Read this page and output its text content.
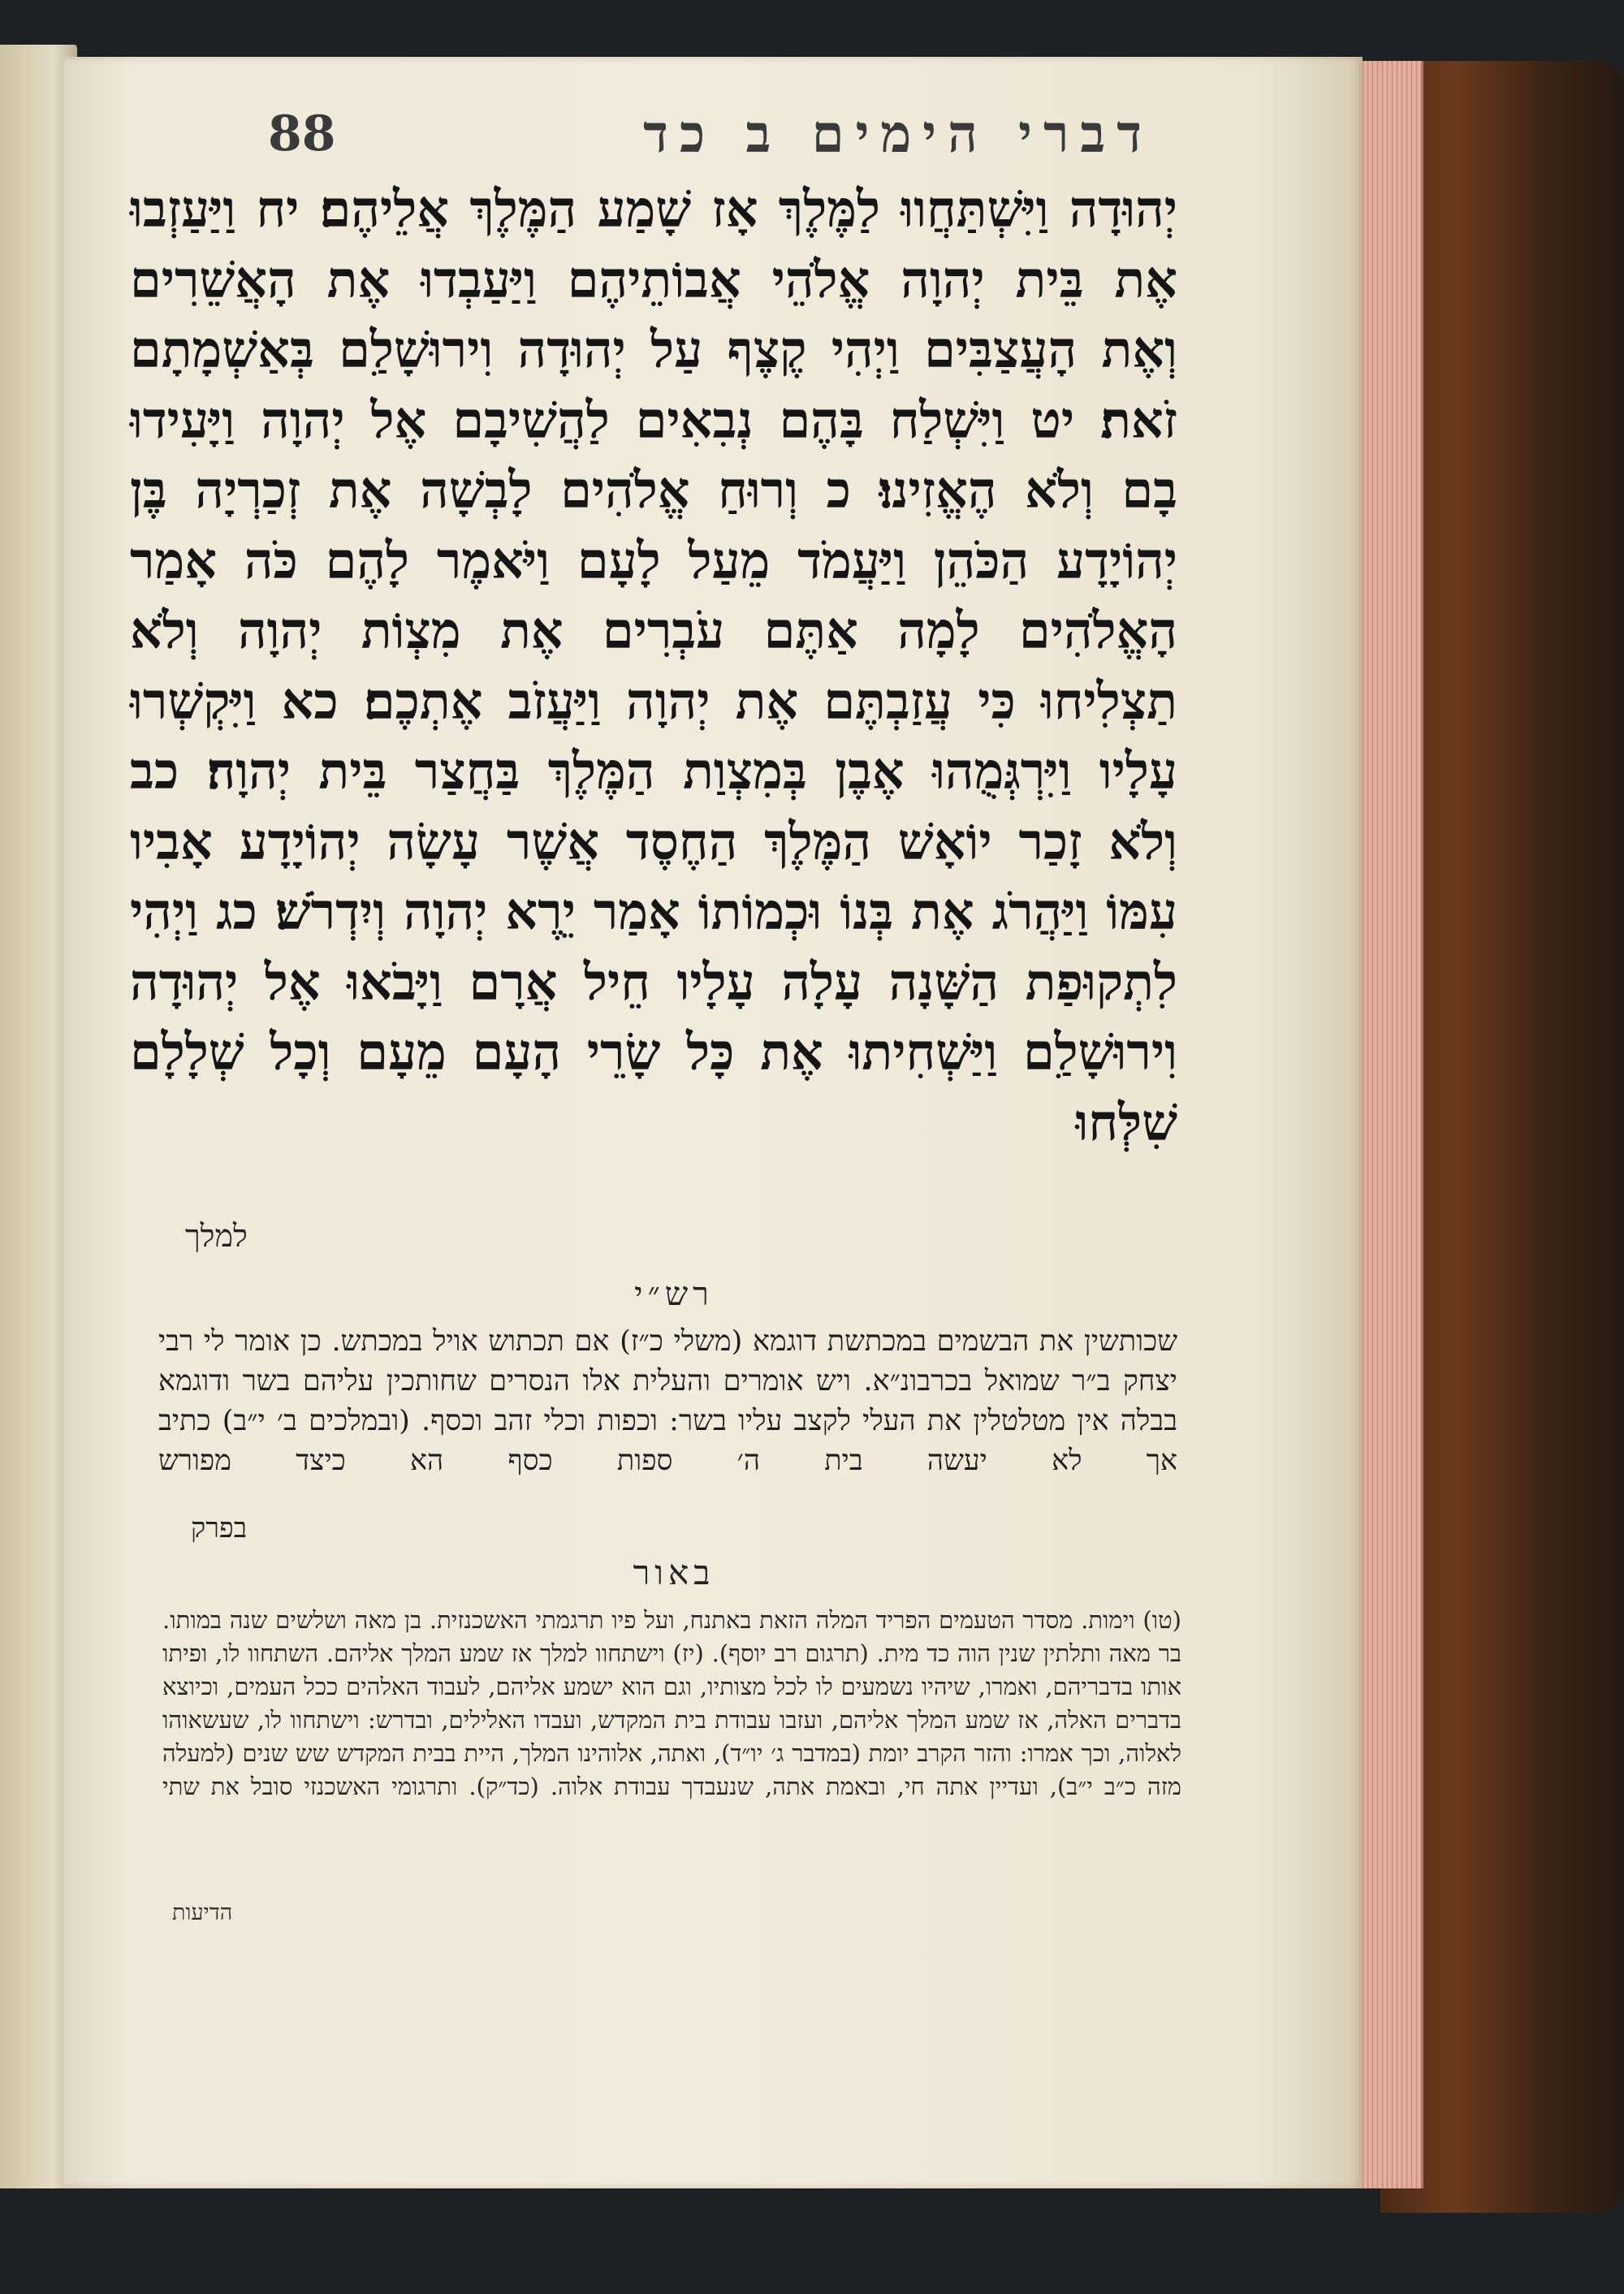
88	דברי הימים ב כד

יְהוּדָה וַיִּשְׁתַּחֲווּ לַמֶּלֶךְ אָז שָׁמַע הַמֶּלֶךְ אֲלֵיהֶם׃ יח וַיַּעַזְבוּ אֶת בֵּית יְהוָה אֱלֹהֵי אֲבוֹתֵיהֶם וַיַּעַבְדוּ אֶת הָאֲשֵׁרִים וְאֶת הָעֲצַבִּים וַיְהִי קֶצֶף עַל יְהוּדָה וִירוּשָׁלִַם בְּאַשְׁמָתָם זֹאת׃ יט וַיִּשְׁלַח בָּהֶם נְבִאִים לַהֲשִׁיבָם אֶל יְהוָה וַיָּעִידוּ בָם וְלֹא הֶאֱזִינוּ׃ כ וְרוּחַ אֱלֹהִים לָבְשָׁה אֶת זְכַרְיָה בֶּן יְהוֹיָדָע הַכֹּהֵן וַיַּעֲמֹד מֵעַל לָעָם וַיֹּאמֶר לָהֶם כֹּה אָמַר הָאֱלֹהִים לָמָה אַתֶּם עֹבְרִים אֶת מִצְוֹת יְהוָה וְלֹא תַצְלִיחוּ כִּי עֲזַבְתֶּם אֶת יְהוָה וַיַּעֲזֹב אֶתְכֶם׃ כא וַיִּקְשְׁרוּ עָלָיו וַיִּרְגְּמֻהוּ אֶבֶן בְּמִצְוַת הַמֶּלֶךְ בַּחֲצַר בֵּית יְהוָה׃ כב וְלֹא זָכַר יוֹאָשׁ הַמֶּלֶךְ הַחֶסֶד אֲשֶׁר עָשָׂה יְהוֹיָדָע אָבִיו עִמּוֹ וַיַּהֲרֹג אֶת בְּנוֹ וּכְמוֹתוֹ אָמַר יֵרֶא יְהוָה וְיִדְרֹשׁ׃ כג וַיְהִי לִתְקוּפַת הַשָּׁנָה עָלָה עָלָיו חֵיל אֲרָם וַיָּבֹאוּ אֶל יְהוּדָה וִירוּשָׁלִַם וַיַּשְׁחִיתוּ אֶת כָּל שָׂרֵי הָעָם מֵעָם וְכָל שְׁלָלָם שִׁלְּחוּ

למלך
רש״י

שכותשין את הבשמים במכתשת דוגמא (משלי כ״ז) אם תכתוש אויל במכתש. כן אומר לי רבי יצחק ב״ר שמואל בכרבונ״א. ויש אומרים והעלית אלו הנסרים שחותכין עליהם בשר ודוגמא בבלה אין מטלטלין את העלי לקצב עליו בשר: וכפות וכלי זהב וכסף. (ובמלכים ב׳ י״ב) כתיב אך לא יעשה בית ה׳ ספות כסף הא כיצד מפורש

בפרק
באור

(טו) וימות. מסדר הטעמים הפריד המלה הזאת באתנח, ועל פיו תרגמתי האשכנזית. בן מאה ושלשים שנה במותו. בר מאה ותלתין שנין הוה כד מית. (תרגום רב יוסף). (יז) וישתחוו למלך אז שמע המלך אליהם. השתחוו לו, ופיתו אותו בדבריהם, ואמרו, שיהיו נשמעים לו לכל מצותיו, וגם הוא ישמע אליהם, לעבוד האלהים ככל העמים, וכיוצא בדברים האלה, אז שמע המלך אליהם, ועזבו עבודת בית המקדש, ועבדו האלילים, ובדרש: וישתחוו לו, שעשאוהו לאלוה, וכך אמרו: והזר הקרב יומת (במדבר ג׳ יו״ד), ואתה, אלוהינו המלך, היית בבית המקדש שש שנים (למעלה מזה כ״ב י״ב), ועדיין אתה חי, ובאמת אתה, שנעבדך עבודת אלוה. (כד״ק). ותרגומי האשכנזי סובל את שתי

הדיעות
